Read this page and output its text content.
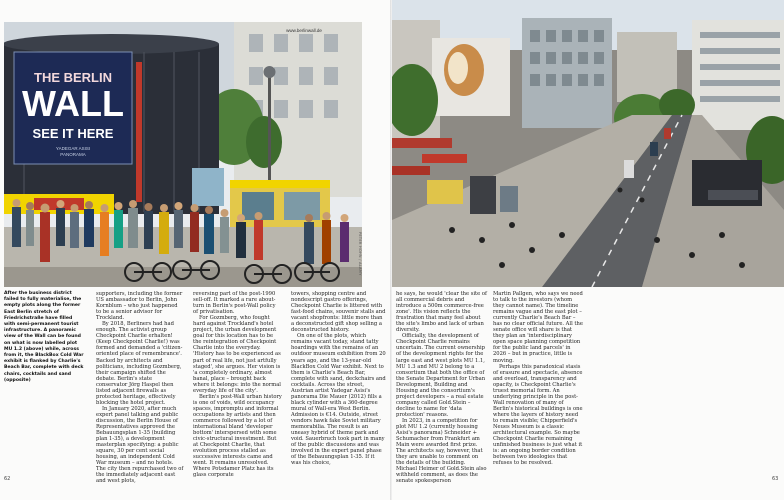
THE BERLIN
WALL
SEE IT HERE
YADEGAR ASISI
PANORAMA
www.berlinwall.de
PETER HOHN / ALAMY
After the business district failed to fully materialise, the empty plots along the former East Berlin stretch of Friedrichstraße have filled with semi-permanent tourist infrastructure. A panoramic view of the Wall can be found on what is now labelled plot MU 1.2 (above) while, across from it, the BlackBox Cold War exhibit is flanked by Charlie's Beach Bar, complete with deck chairs, cocktails and sand (opposite)

supporters, including the former US ambassador to Berlin, John Kornblum – who just happened to be a senior advisor for Trockland.

By 2018, Berliners had had enough. The activist group Checkpoint Charlie erhalten! (Keep Checkpoint Charlie!) was formed and demanded a 'citizen-oriented place of remembrance'. Backed by architects and politicians, including Gozmberg, their campaign shifted the debate. Berlin's state conservator Jörg Haspel then listed adjacent firewalls as protected heritage, effectively blocking the hotel project.

In January 2020, after much expert panel talking and public discussion, the Berlin House of Representatives approved the Bebauungsplan 1-35 (building plan 1-35), a development masterplan specifying: a public square, 30 per cent social housing, an independent Cold War museum – and no hotels. The city then repurchased two of the immediately adjacent east and west plots,

reversing part of the post-1990 sell-off. It marked a rare about-turn in Berlin's post-Wall policy of privatisation.

For Gozmberg, who fought hard against Trockland's hotel project, the urban development goal for this location has to be the reintegration of Checkpoint Charlie into the everyday. 'History has to be experienced as part of real life, not just artfully staged', she argues. Her vision is 'a completely ordinary, almost banal, place – brought back where it belongs: into the normal everyday life of the city'.

Berlin's post-Wall urban history is one of voids, wild occupancy spaces, impromptu and informal occupations by artists and then commerce followed by a lot of international bland 'developer bottom' interspersed with some civic-structural investment. But at Checkpoint Charlie, that evolution process stalled as successive interests came and went. It remains unresolved. Where Potsdamer Platz has its glass corporate

towers, shopping centre and nondescript gastro offerings, Checkpoint Charlie is littered with fast-food chains, souvenir stalls and vacant shopfronts: little more than a deconstructed gift shop selling a deconstructed history.

On one of the plots, which remains vacant today, stand tatty hoardings with the remains of an outdoor museum exhibition from 20 years ago, and the 13-year-old BlackBox Cold War exhibit. Next to them is Charlie's Beach Bar, complete with sand, deckchairs and cocktails. Across the street, Austrian artist Yadegar Asisi's panorama Die Mauer (2012) fills a black cylinder with a 360-degree mural of Wall-era West Berlin. Admission is €14. Outside, street vendors hawk fake Soviet military memorabilia. The result is an uneasy hybrid of theme park and void. Sauerbruch took part in many of the public discussions and was involved in the expert panel phase of the Bebauungsplan 1-35. If it was his choice,

62

he says, he would 'clear the site of all commercial debris and introduce a 500m commerce-free zone'. His vision reflects the frustration that many feel about the site's limbo and lack of urban diversity.

Officially, the development of Checkpoint Charlie remains uncertain. The current ownership of the development rights for the large east and west plots MU 1.1, MU 1.3 and MU 2 belong to a consortium that both the office of the Senate Department for Urban Development, Building and Housing and the consortium's project developers – a real estate company called Gold.Stein – decline to name for 'data protection' reasons.

In 2023, in a competition for plot MU 1.2 (currently housing Asisi's panorama) Schneider + Schumacher from Frankfurt am Main were awarded first prize. The architects say, however, that they are unable to comment on the details of the building. Michael Heimer of Gold.Stein also withheld comment, as does the senate spokesperson

Martin Pallgen, who says we need to talk to the investors (whom they cannot name). The timeline remains vague and the east plot – currently Charlie's Beach Bar – has no clear official future. All the senate office will share is that they plan an 'interdisciplinary open space planning competition for the public land parcels' in 2026 – but in practice, little is moving.

Perhaps this paradoxical stasis of erasure and spectacle, absence and overload, transparency and opacity, is Checkpoint Charlie's truest memorial form. An underlying principle in the post-Wall renovation of many of Berlin's historical buildings is one where the layers of history need to remain visible; Chipperfield's Neues Museum is a classic architectural example. So maybe Checkpoint Charlie remaining unfinished business is just what it is: an ongoing border condition between two ideologies that refuses to be resolved.

63
